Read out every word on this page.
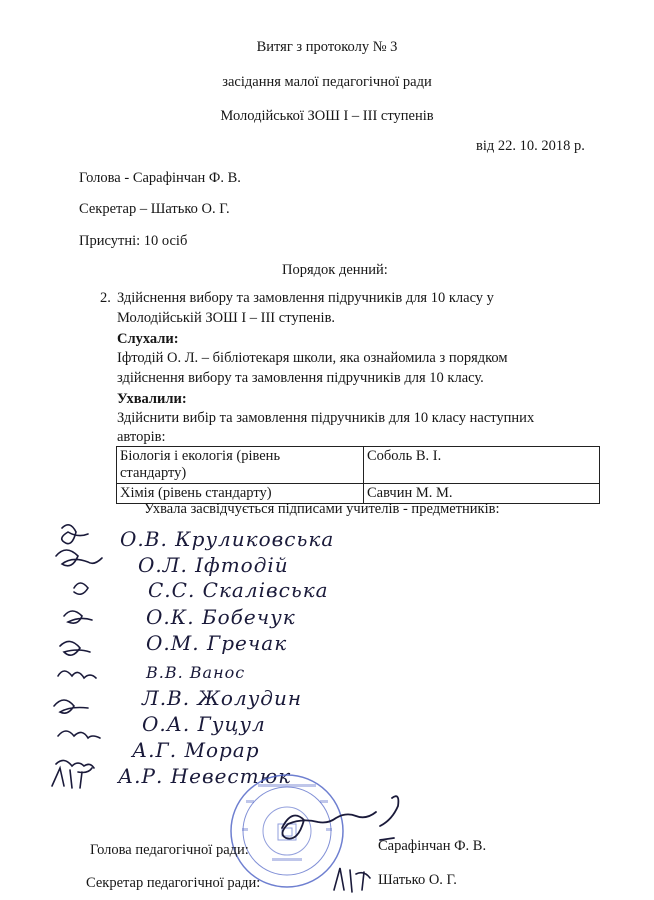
Витяг з протоколу № 3
засідання малої педагогічної ради
Молодійської ЗОШ І – ІІІ ступенів
від 22. 10. 2018 р.
Голова - Сарафінчан Ф. В.
Секретар – Шатько О. Г.
Присутні: 10 осіб
Порядок денний:
2. Здійснення вибору та замовлення підручників для 10 класу у
Молодійській ЗОШ І – ІІІ ступенів.
Слухали:
Іфтодій О. Л. – бібліотекаря школи, яка ознайомила з порядком
здійснення вибору та замовлення підручників для 10 класу.
Ухвалили:
Здійснити вибір та замовлення підручників для 10 класу наступних
авторів:
Біологія і екологія (рівень
стандарту)	Соболь В. І.
Хімія (рівень стандарту)	Савчин М. М.
Ухвала засвідчується підписами учителів - предметників:
О.В. Круликовська
О.Л. Іфтодій
С.С. Скалівська
О.К. Бобечук
О.М. Гречак
В.В. Ванос
Л.В. Жолудин
О.А. Гуцул
А.Г. Морар
А.Р. Невестюк
Голова педагогічної ради:	Сарафінчан Ф. В.
Секретар педагогічної ради:	Шатько О. Г.
